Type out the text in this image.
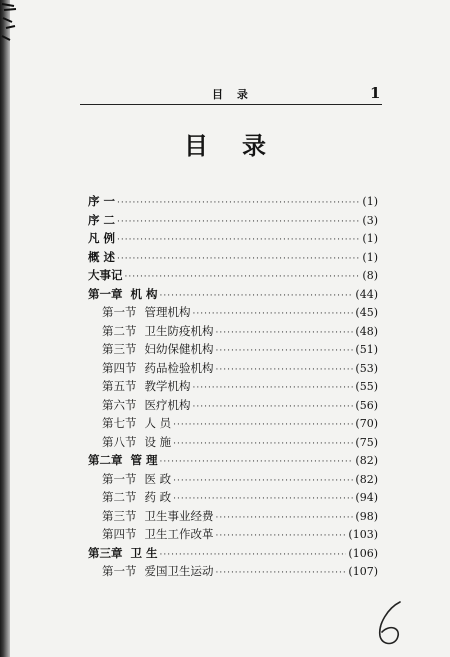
目 录	1
目录
序 一 ·····	(1)
序 二 ·····	(3)
凡 例 ·····	(1)
概 述 ·····	(1)
大事记 ·····	(8)
第一章 机 构 ·····	(44)
第一节 管理机构 ·····	(45)
第二节 卫生防疫机构 ·····	(48)
第三节 妇幼保健机构 ·····	(51)
第四节 药品检验机构 ·····	(53)
第五节 教学机构 ·····	(55)
第六节 医疗机构 ·····	(56)
第七节 人 员 ·····	(70)
第八节 设 施 ·····	(75)
第二章 管 理 ·····	(82)
第一节 医 政 ·····	(82)
第二节 药 政 ·····	(94)
第三节 卫生事业经费 ·····	(98)
第四节 卫生工作改革 ·····	(103)
第三章 卫 生 ·····	(106)
第一节 爱国卫生运动 ·····	(107)
6
